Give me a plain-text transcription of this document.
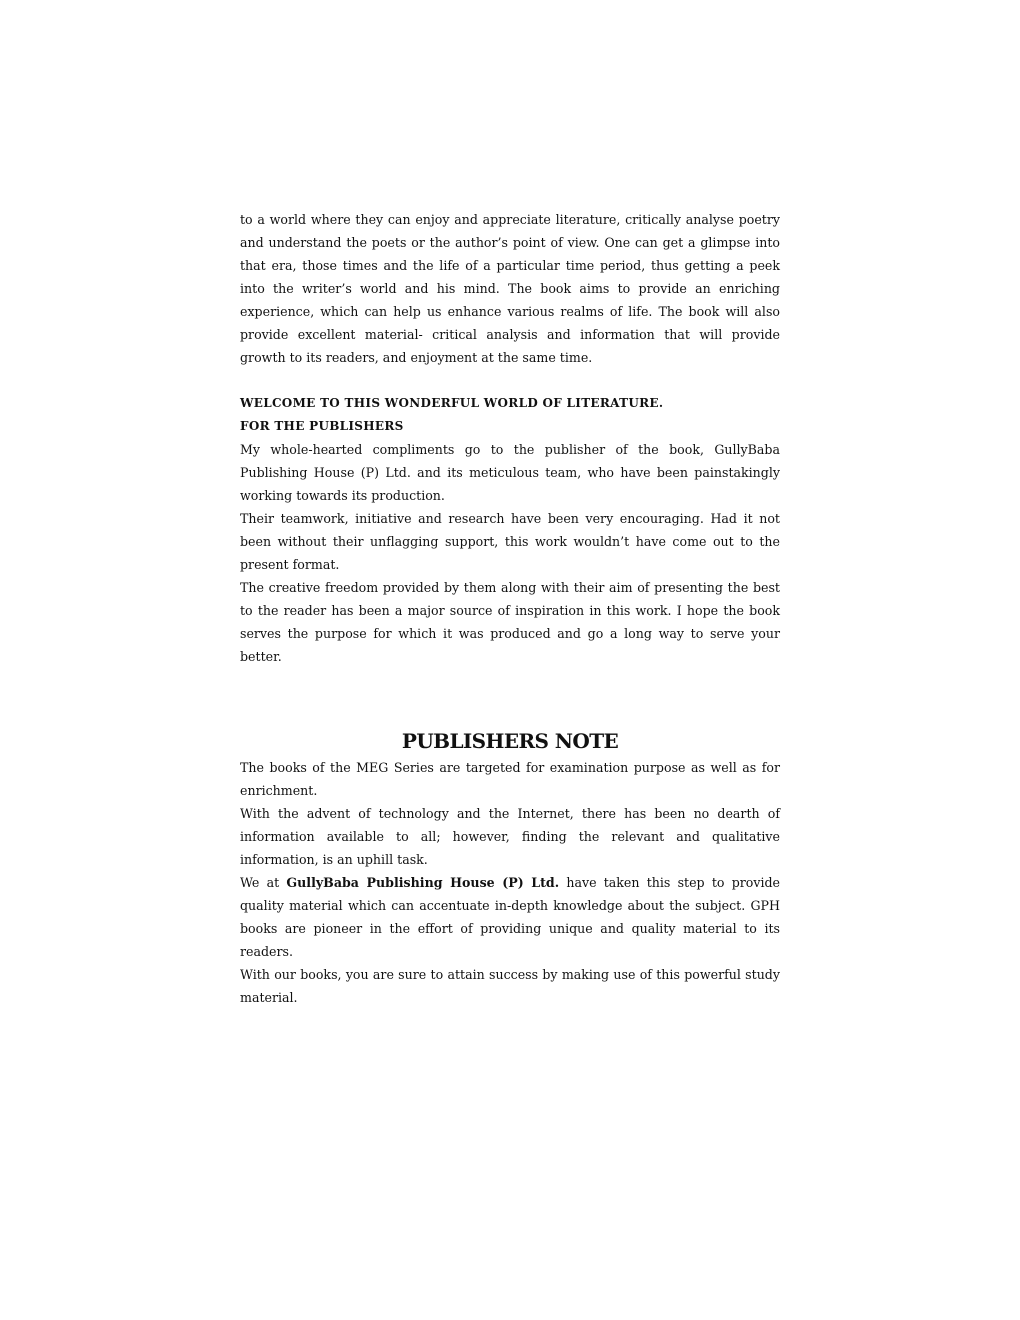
to a world where they can enjoy and appreciate literature, critically analyse poetry and understand the poets or the author’s point of view. One can get a glimpse into that era, those times and the life of a particular time period, thus getting a peek into the writer’s world and his mind. The book aims to provide an enriching experience, which can help us enhance various realms of life. The book will also provide excellent material- critical analysis and information that will provide growth to its readers, and enjoyment at the same time.

WELCOME TO THIS WONDERFUL WORLD OF LITERATURE.

FOR THE PUBLISHERS

My whole-hearted compliments go to the publisher of the book, GullyBaba Publishing House (P) Ltd. and its meticulous team, who have been painstakingly working towards its production.

Their teamwork, initiative and research have been very encouraging. Had it not been without their unflagging support, this work wouldn’t have come out to the present format.

The creative freedom provided by them along with their aim of presenting the best to the reader has been a major source of inspiration in this work. I hope the book serves the purpose for which it was produced and go a long way to serve your better.

PUBLISHERS NOTE

The books of the MEG Series are targeted for examination purpose as well as for enrichment.

With the advent of technology and the Internet, there has been no dearth of information available to all; however, finding the relevant and qualitative information, is an uphill task.

We at GullyBaba Publishing House (P) Ltd. have taken this step to provide quality material which can accentuate in-depth knowledge about the subject. GPH books are pioneer in the effort of providing unique and quality material to its readers.

With our books, you are sure to attain success by making use of this powerful study material.
